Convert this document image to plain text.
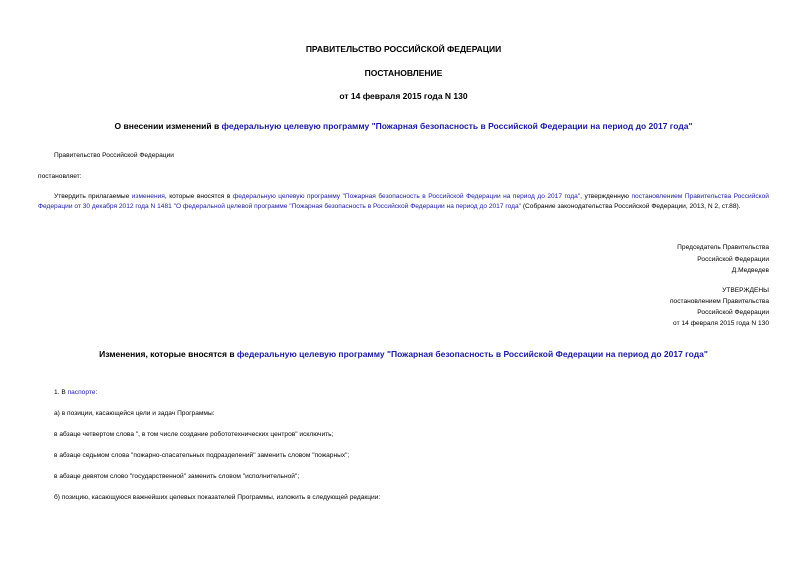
ПРАВИТЕЛЬСТВО РОССИЙСКОЙ ФЕДЕРАЦИИ
ПОСТАНОВЛЕНИЕ
от 14 февраля 2015 года N 130
О внесении изменений в федеральную целевую программу "Пожарная безопасность в Российской Федерации на период до 2017 года"
Правительство Российской Федерации
постановляет:
Утвердить прилагаемые изменения, которые вносятся в федеральную целевую программу "Пожарная безопасность в Российской Федерации на период до 2017 года", утвержденную постановлением Правительства Российской Федерации от 30 декабря 2012 года N 1481 "О федеральной целевой программе "Пожарная безопасность в Российской Федерации на период до 2017 года" (Собрание законодательства Российской Федерации, 2013, N 2, ст.88).
Председатель Правительства
Российской Федерации
Д.Медведев
УТВЕРЖДЕНЫ
постановлением Правительства
Российской Федерации
от 14 февраля 2015 года N 130
Изменения, которые вносятся в федеральную целевую программу "Пожарная безопасность в Российской Федерации на период до 2017 года"
1. В паспорте:
а) в позиции, касающейся цели и задач Программы:
в абзаце четвертом слова ", в том числе создание робототехнических центров" исключить;
в абзаце седьмом слова "пожарно-спасательных подразделений" заменить словом "пожарных";
в абзаце девятом слово "государственной" заменить словом "исполнительной";
б) позицию, касающуюся важнейших целевых показателей Программы, изложить в следующей редакции:
